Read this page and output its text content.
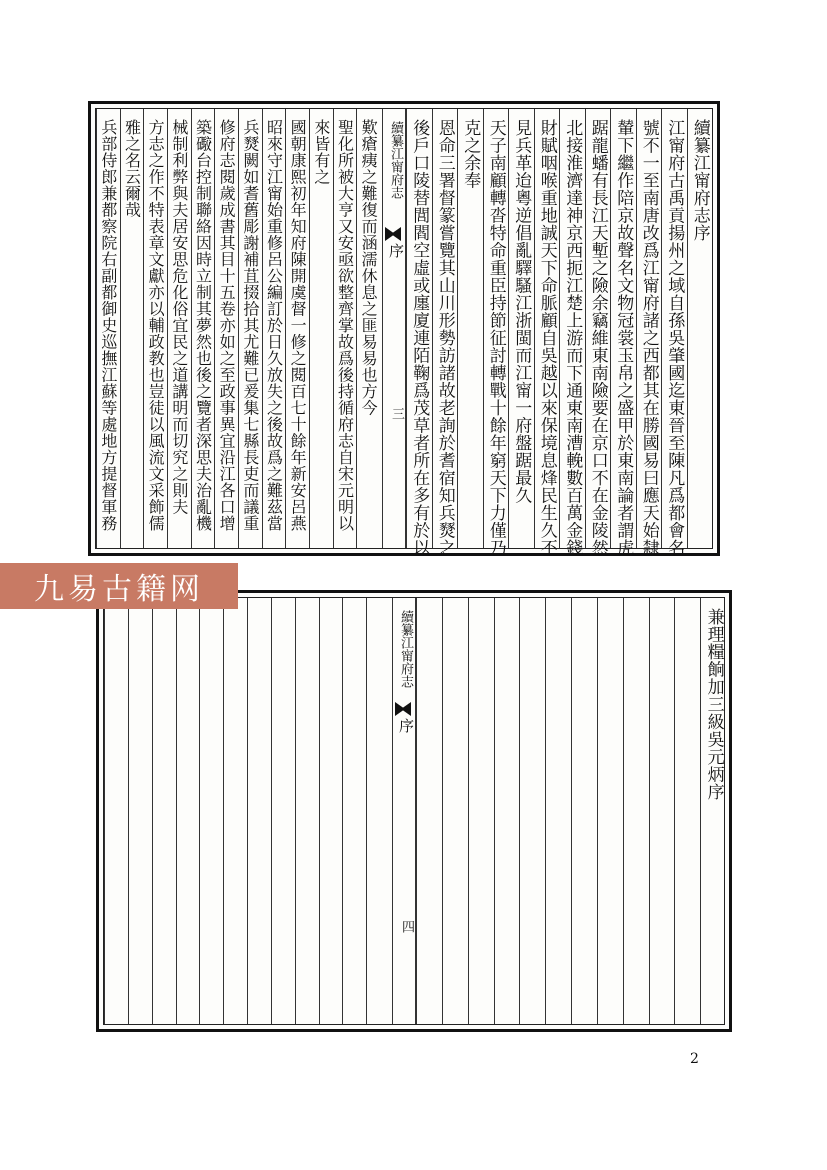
續纂江甯府志序
江甯府古禹貢揚州之域自孫吳肇國迄東晉至陳凡爲都會名
號不一至南唐改爲江甯府諸之西都其在勝國易曰應天始隸
輦下繼作陪京故聲名文物冠裳玉帛之盛甲於東南論者謂虎
踞龍蟠有長江天塹之險余竊維東南險要在京口不在金陵然
北接淮濟達神京西扼江楚上游而下通東南漕輓數百萬金錢
財賦咽喉重地誠天下命脈顧自吳越以來保境息烽民生久不
見兵革迨粵逆倡亂驛騷江浙閩而江甯一府盤踞最久
天子南顧轉沓特命重臣持節征討轉戰十餘年窮天下力僅乃
克之余奉
恩命三署督篆嘗覽其山川形勢訪諸故老詢於耆宿知兵燹之
後戶口陵替閭閻空虛或廛廈連陌鞠爲茂草者所在多有於以
續纂江甯府志
序
三
歎瘡痍之難復而涵濡休息之匪易易也方今
聖化所被大亨又安亟欲整齊掌故爲後持循府志自宋元明以
來皆有之
國朝康熙初年知府陳開虞督一修之閱百七十餘年新安呂燕
昭來守江甯始重修呂公編訂於日久放失之後故爲之難茲當
兵燹闕如耆舊彫謝補苴掇拾其尤難已爰集七縣長吏而議重
修府志閱歲成書其目十五卷亦如之至政事異宜沿江各口增
築礮台控制聯絡因時立制其夢然也後之覽者深思夫治亂機
械制利弊與夫居安思危化俗宜民之道講明而切究之則夫
方志之作不特表章文獻亦以輔政教也豈徒以風流文采飾儒
雅之名云爾哉
兵部侍郎兼都察院右副都御史巡撫江蘇等處地方提督軍務
兼理糧餉加三級吳元炳序
續纂江甯府志
序
四
九易古籍网
2
